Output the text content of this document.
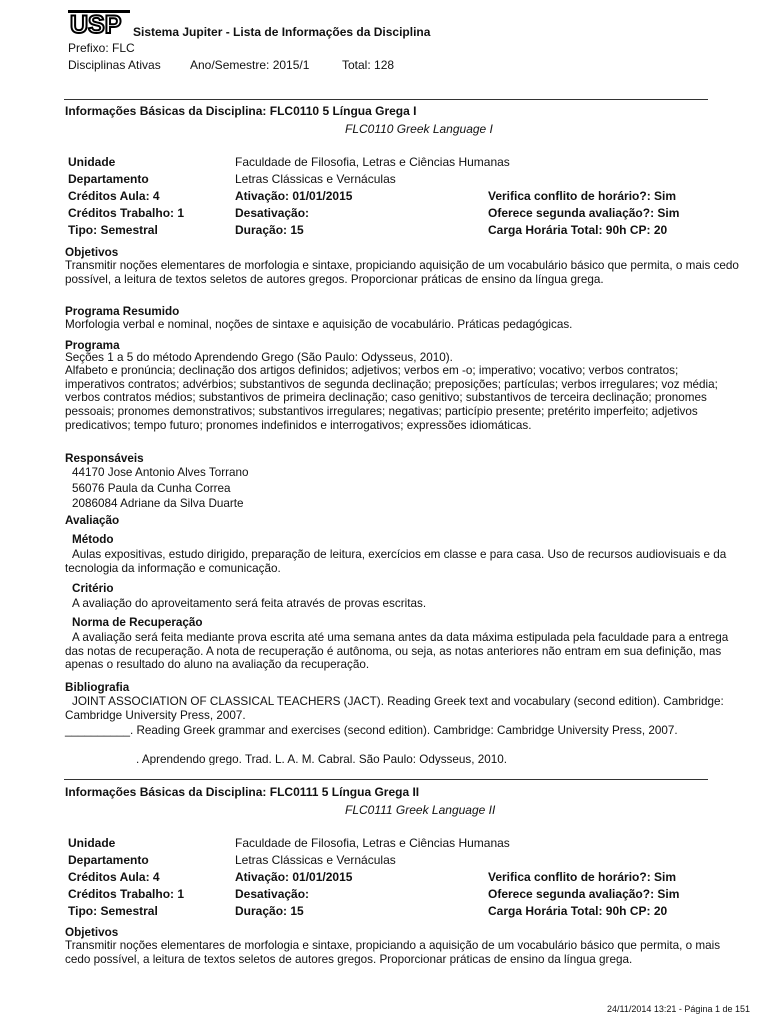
USP Sistema Jupiter - Lista de Informações da Disciplina
Prefixo: FLC
Disciplinas Ativas Ano/Semestre: 2015/1	Total: 128
Informações Básicas da Disciplina: FLC0110 5 Língua Grega I
FLC0110 Greek Language I
Unidade
Departamento
Créditos Aula: 4
Créditos Trabalho: 1
Tipo: Semestral
Faculdade de Filosofia, Letras e Ciências Humanas
Letras Clássicas e Vernáculas
Ativação: 01/01/2015
Desativação:
Duração: 15
Verifica conflito de horário?: Sim
Oferece segunda avaliação?: Sim
Carga Horária Total: 90h CP: 20
Objetivos
Transmitir noções elementares de morfologia e sintaxe, propiciando aquisição de um vocabulário básico que permita, o mais cedo possível, a leitura de textos seletos de autores gregos. Proporcionar práticas de ensino da língua grega.
Programa Resumido
Morfologia verbal e nominal, noções de sintaxe e aquisição de vocabulário. Práticas pedagógicas.
Programa
Seções 1 a 5 do método Aprendendo Grego (São Paulo: Odysseus, 2010).
Alfabeto e pronúncia; declinação dos artigos definidos; adjetivos; verbos em -o; imperativo; vocativo; verbos contratos; imperativos contratos; advérbios; substantivos de segunda declinação; preposições; partículas; verbos irregulares; voz média; verbos contratos médios; substantivos de primeira declinação; caso genitivo; substantivos de terceira declinação; pronomes pessoais; pronomes demonstrativos; substantivos irregulares; negativas; particípio presente; pretérito imperfeito; adjetivos predicativos; tempo futuro; pronomes indefinidos e interrogativos; expressões idiomáticas.
Responsáveis
44170 Jose Antonio Alves Torrano
56076 Paula da Cunha Correa
2086084 Adriane da Silva Duarte
Avaliação
Método
Aulas expositivas, estudo dirigido, preparação de leitura, exercícios em classe e para casa. Uso de recursos audiovisuais e da tecnologia da informação e comunicação.
Critério
A avaliação do aproveitamento será feita através de provas escritas.
Norma de Recuperação
A avaliação será feita mediante prova escrita até uma semana antes da data máxima estipulada pela faculdade para a entrega das notas de recuperação. A nota de recuperação é autônoma, ou seja, as notas anteriores não entram em sua definição, mas apenas o resultado do aluno na avaliação da recuperação.
Bibliografia
JOINT ASSOCIATION OF CLASSICAL TEACHERS (JACT). Reading Greek text and vocabulary (second edition). Cambridge: Cambridge University Press, 2007.
__________. Reading Greek grammar and exercises (second edition). Cambridge: Cambridge University Press, 2007.
. Aprendendo grego. Trad. L. A. M. Cabral. São Paulo: Odysseus, 2010.
Informações Básicas da Disciplina: FLC0111 5 Língua Grega II
FLC0111 Greek Language II
Unidade
Departamento
Créditos Aula: 4
Créditos Trabalho: 1
Tipo: Semestral
Faculdade de Filosofia, Letras e Ciências Humanas
Letras Clássicas e Vernáculas
Ativação: 01/01/2015
Desativação:
Duração: 15
Verifica conflito de horário?: Sim
Oferece segunda avaliação?: Sim
Carga Horária Total: 90h CP: 20
Objetivos
Transmitir noções elementares de morfologia e sintaxe, propiciando a aquisição de um vocabulário básico que permita, o mais cedo possível, a leitura de textos seletos de autores gregos. Proporcionar práticas de ensino da língua grega.
24/11/2014 13:21 - Página 1 de 151
